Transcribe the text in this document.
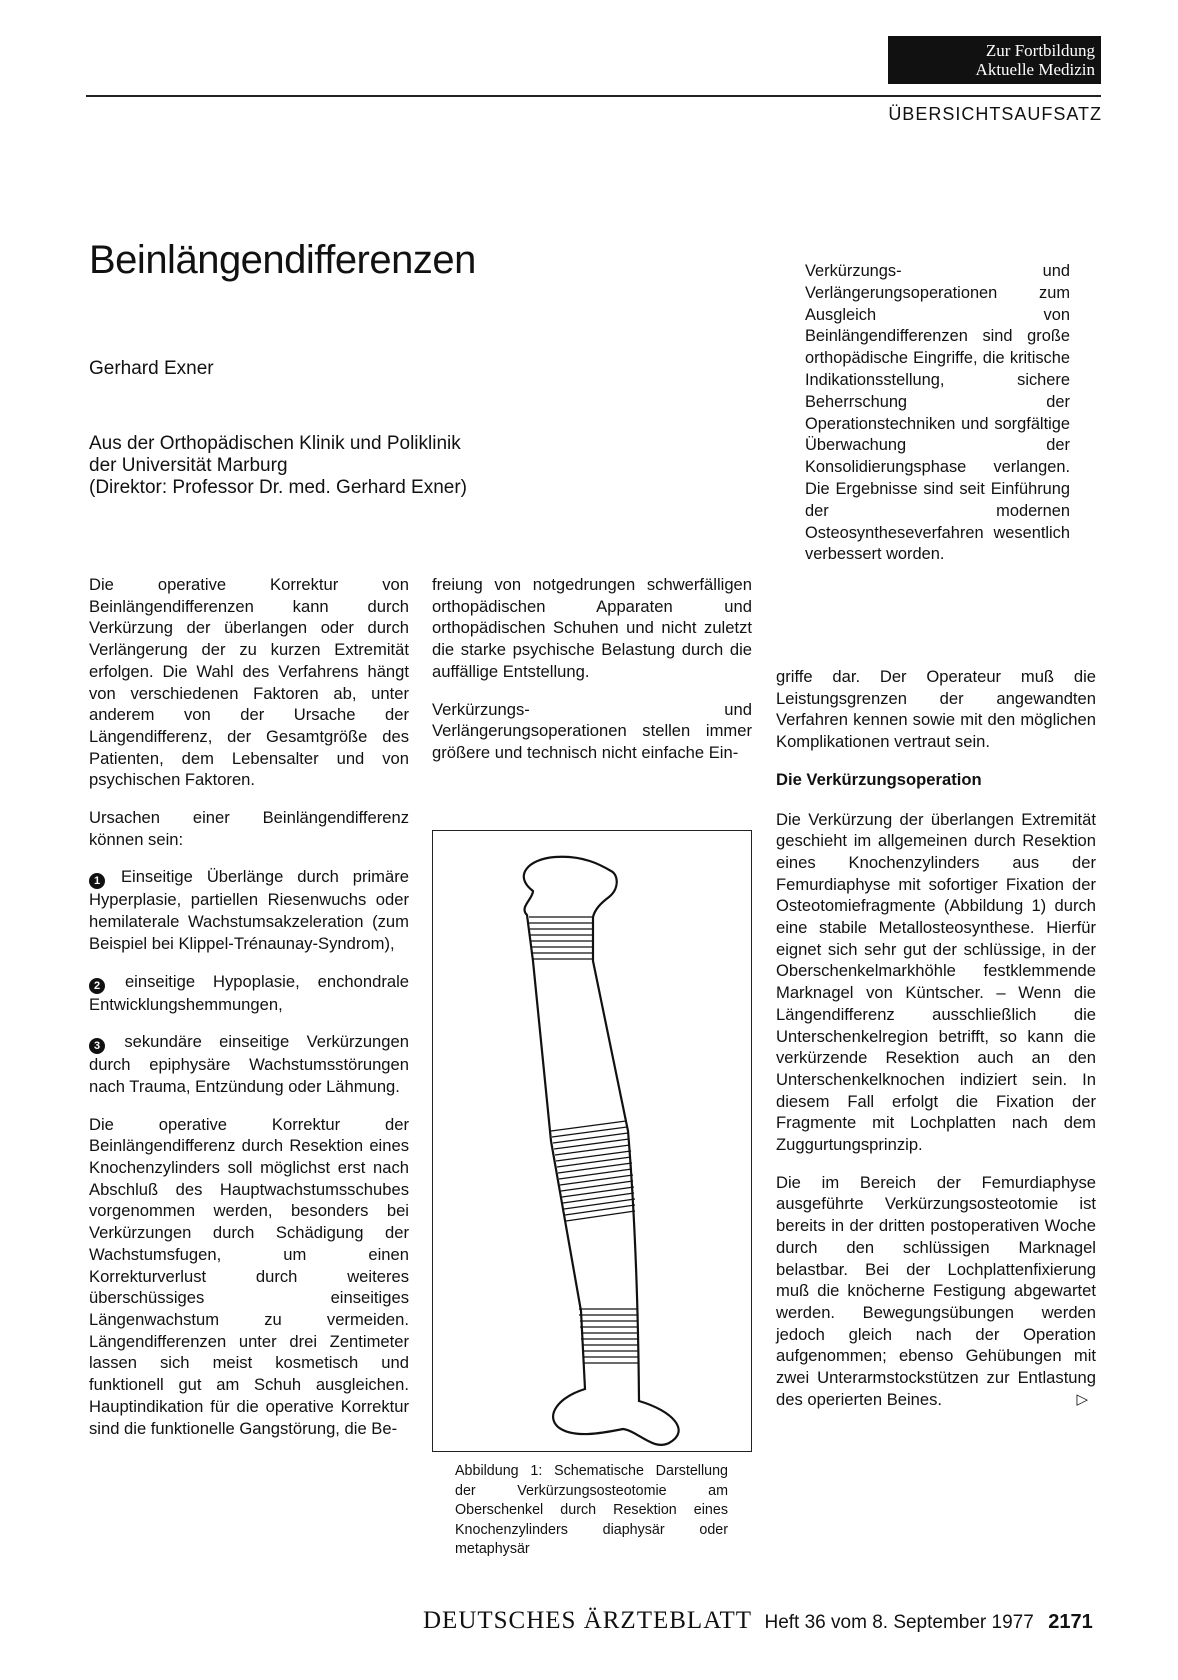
Zur Fortbildung
Aktuelle Medizin
ÜBERSICHTSAUFSATZ
Beinlängendifferenzen
Gerhard Exner
Aus der Orthopädischen Klinik und Poliklinik
der Universität Marburg
(Direktor: Professor Dr. med. Gerhard Exner)

Verkürzungs- und Verlängerungsoperationen zum Ausgleich von Beinlängendifferenzen sind große orthopädische Eingriffe, die kritische Indikationsstellung, sichere Beherrschung der Operationstechniken und sorgfältige Überwachung der Konsolidierungsphase verlangen. Die Ergebnisse sind seit Einführung der modernen Osteosyntheseverfahren wesentlich verbessert worden.

Die operative Korrektur von Beinlängendifferenzen kann durch Verkürzung der überlangen oder durch Verlängerung der zu kurzen Extremität erfolgen. Die Wahl des Verfahrens hängt von verschiedenen Faktoren ab, unter anderem von der Ursache der Längendifferenz, der Gesamtgröße des Patienten, dem Lebensalter und von psychischen Faktoren.

Ursachen einer Beinlängendifferenz können sein:

1 Einseitige Überlänge durch primäre Hyperplasie, partiellen Riesenwuchs oder hemilaterale Wachstumsakzeleration (zum Beispiel bei Klippel-Trénaunay-Syndrom),

2 einseitige Hypoplasie, enchondrale Entwicklungshemmungen,

3 sekundäre einseitige Verkürzungen durch epiphysäre Wachstumsstörungen nach Trauma, Entzündung oder Lähmung.

Die operative Korrektur der Beinlängendifferenz durch Resektion eines Knochenzylinders soll möglichst erst nach Abschluß des Hauptwachstumsschubes vorgenommen werden, besonders bei Verkürzungen durch Schädigung der Wachstumsfugen, um einen Korrekturverlust durch weiteres überschüssiges einseitiges Längenwachstum zu vermeiden. Längendifferenzen unter drei Zentimeter lassen sich meist kosmetisch und funktionell gut am Schuh ausgleichen. Hauptindikation für die operative Korrektur sind die funktionelle Gangstörung, die Be-

freiung von notgedrungen schwerfälligen orthopädischen Apparaten und orthopädischen Schuhen und nicht zuletzt die starke psychische Belastung durch die auffällige Entstellung.

Verkürzungs- und Verlängerungsoperationen stellen immer größere und technisch nicht einfache Ein-

Abbildung 1: Schematische Darstellung der Verkürzungsosteotomie am Oberschenkel durch Resektion eines Knochenzylinders diaphysär oder metaphysär

griffe dar. Der Operateur muß die Leistungsgrenzen der angewandten Verfahren kennen sowie mit den möglichen Komplikationen vertraut sein.

Die Verkürzungsoperation

Die Verkürzung der überlangen Extremität geschieht im allgemeinen durch Resektion eines Knochenzylinders aus der Femurdiaphyse mit sofortiger Fixation der Osteotomiefragmente (Abbildung 1) durch eine stabile Metallosteosynthese. Hierfür eignet sich sehr gut der schlüssige, in der Oberschenkelmarkhöhle festklemmende Marknagel von Küntscher. – Wenn die Längendifferenz ausschließlich die Unterschenkelregion betrifft, so kann die verkürzende Resektion auch an den Unterschenkelknochen indiziert sein. In diesem Fall erfolgt die Fixation der Fragmente mit Lochplatten nach dem Zuggurtungsprinzip.

Die im Bereich der Femurdiaphyse ausgeführte Verkürzungsosteotomie ist bereits in der dritten postoperativen Woche durch den schlüssigen Marknagel belastbar. Bei der Lochplattenfixierung muß die knöcherne Festigung abgewartet werden. Bewegungsübungen werden jedoch gleich nach der Operation aufgenommen; ebenso Gehübungen mit zwei Unterarmstockstützen zur Entlastung des operierten Beines.	▷

DEUTSCHES ÄRZTEBLATT Heft 36 vom 8. September 1977 2171
